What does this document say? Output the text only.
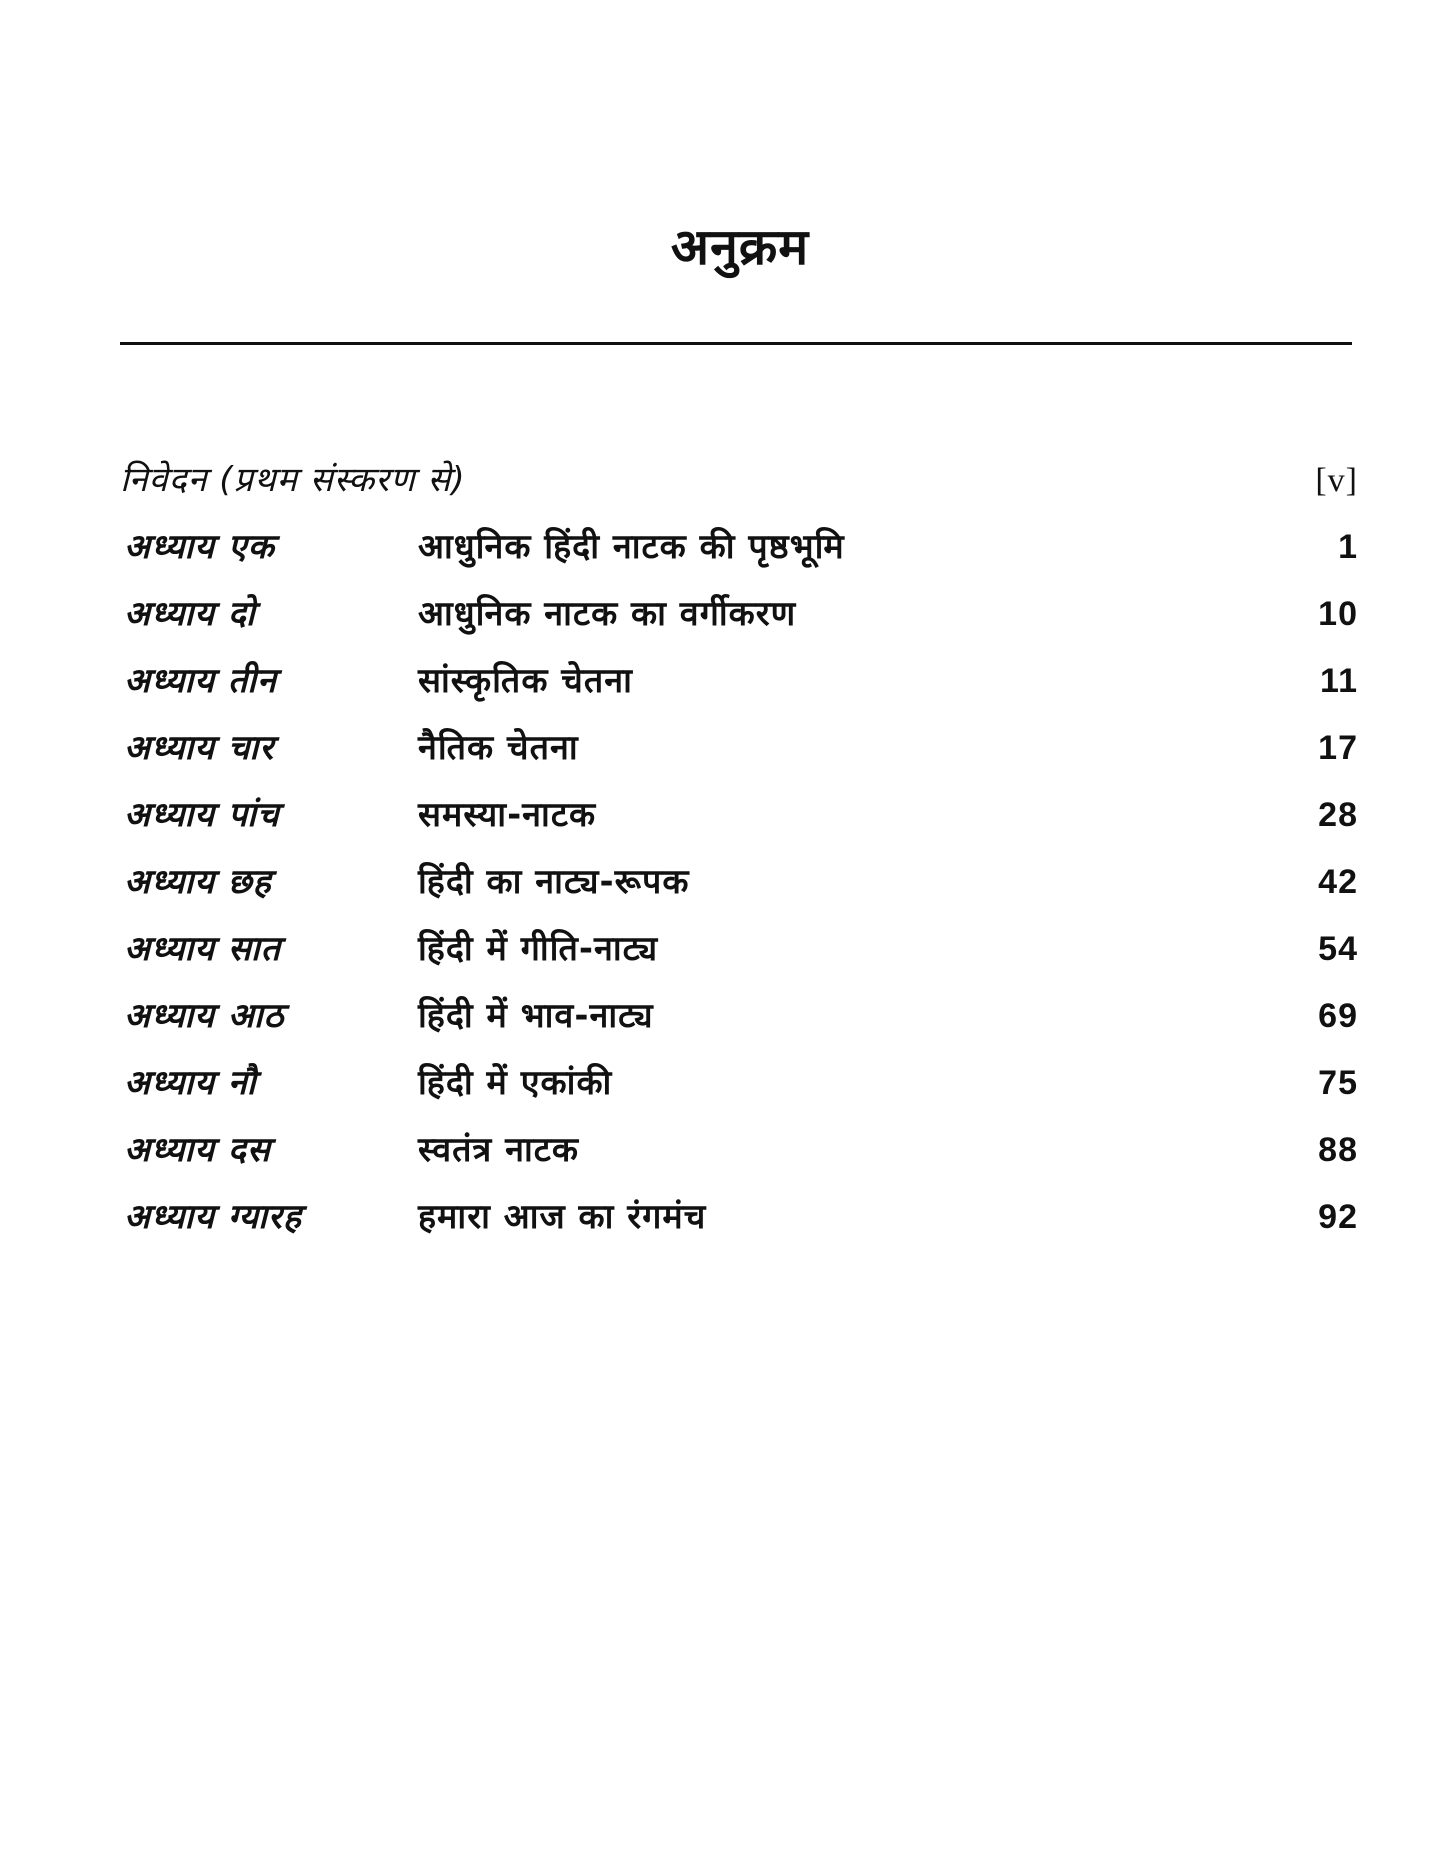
अनुक्रम
निवेदन (प्रथम संस्करण से)	[v]
अध्याय एक	आधुनिक हिंदी नाटक की पृष्ठभूमि	1
अध्याय दो	आधुनिक नाटक का वर्गीकरण	10
अध्याय तीन	सांस्कृतिक चेतना	11
अध्याय चार	नैतिक चेतना	17
अध्याय पांच	समस्या-नाटक	28
अध्याय छह	हिंदी का नाट्य-रूपक	42
अध्याय सात	हिंदी में गीति-नाट्य	54
अध्याय आठ	हिंदी में भाव-नाट्य	69
अध्याय नौ	हिंदी में एकांकी	75
अध्याय दस	स्वतंत्र नाटक	88
अध्याय ग्यारह	हमारा आज का रंगमंच	92
